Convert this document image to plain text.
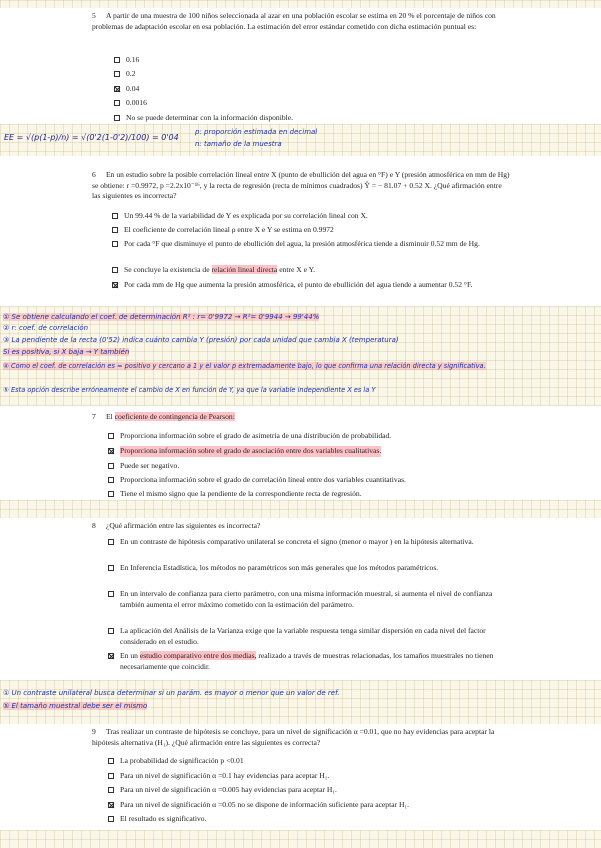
5 A partir de una muestra de 100 niños seleccionada al azar en una población escolar se estima en 20 % el porcentaje de niños con problemas de adaptación escolar en esa población. La estimación del error estándar cometido con dicha estimación puntual es:
0.16
0.2
0.04
0.0016
No se puede determinar con la información disponible.
EE = √(p(1-p)/n) = √(0'2(1-0'2)/100) = 0'04
p: proporción estimada en decimal
n: tamaño de la muestra
6 En un estudio sobre la posible correlación lineal entre X (punto de ebullición del agua en °F) e Y (presión atmosférica en mm de Hg) se obtiene: r =0.9972, p =2.2x10⁻¹⁶, y la recta de regresión (recta de mínimos cuadrados) Ŷ = − 81.07 + 0.52 X. ¿Qué afirmación entre las siguientes es incorrecta?
Un 99.44 % de la variabilidad de Y es explicada por su correlación lineal con X.
El coeficiente de correlación lineal ρ entre X e Y se estima en 0.9972
Por cada °F que disminuye el punto de ebullición del agua, la presión atmosférica tiende a disminuir 0.52 mm de Hg.
Se concluye la existencia de relación lineal directa entre X e Y.
Por cada mm de Hg que aumenta la presión atmosférica, el punto de ebullición del agua tiende a aumentar 0.52 °F.
① Se obtiene calculando el coef. de determinación R² : r= 0'9972 → R²= 0'9944 → 99'44%
② r: coef. de correlación
③ La pendiente de la recta (0'52) indica cuánto cambia Y (presión) por cada unidad que cambia X (temperatura)
Si es positiva, si X baja → Y también
④ Como el coef. de correlación es ≈ positivo y cercano a 1 y el valor p extremadamente bajo, lo que confirma una relación directa y significativa.
⑤ Esta opción describe erróneamente el cambio de X en función de Y, ya que la variable independiente X es la Y
7 El coeficiente de contingencia de Pearson:
Proporciona información sobre el grado de asimetría de una distribución de probabilidad.
Proporciona información sobre el grado de asociación entre dos variables cualitativas.
Puede ser negativo.
Proporciona información sobre el grado de correlación lineal entre dos variables cuantitativas.
Tiene el mismo signo que la pendiente de la correspondiente recta de regresión.
8 ¿Qué afirmación entre las siguientes es incorrecta?
En un contraste de hipótesis comparativo unilateral se concreta el signo (menor o mayor ) en la hipótesis alternativa.
En Inferencia Estadística, los métodos no paramétricos son más generales que los métodos paramétricos.
En un intervalo de confianza para cierto parámetro, con una misma información muestral, si aumenta el nivel de confianza también aumenta el error máximo cometido con la estimación del parámetro.
La aplicación del Análisis de la Varianza exige que la variable respuesta tenga similar dispersión en cada nivel del factor considerado en el estudio.
En un estudio comparativo entre dos medias, realizado a través de muestras relacionadas, los tamaños muestrales no tienen necesariamente que coincidir.
① Un contraste unilateral busca determinar si un parám. es mayor o menor que un valor de ref.
⑤ El tamaño muestral debe ser el mismo
9 Tras realizar un contraste de hipótesis se concluye, para un nivel de significación α =0.01, que no hay evidencias para aceptar la hipótesis alternativa (H₁). ¿Qué afirmación entre las siguientes es correcta?
La probabilidad de significación p <0.01
Para un nivel de significación α =0.1 hay evidencias para aceptar H₁.
Para un nivel de significación α =0.005 hay evidencias para aceptar H₁.
Para un nivel de significación α =0.05 no se dispone de información suficiente para aceptar H₁.
El resultado es significativo.
